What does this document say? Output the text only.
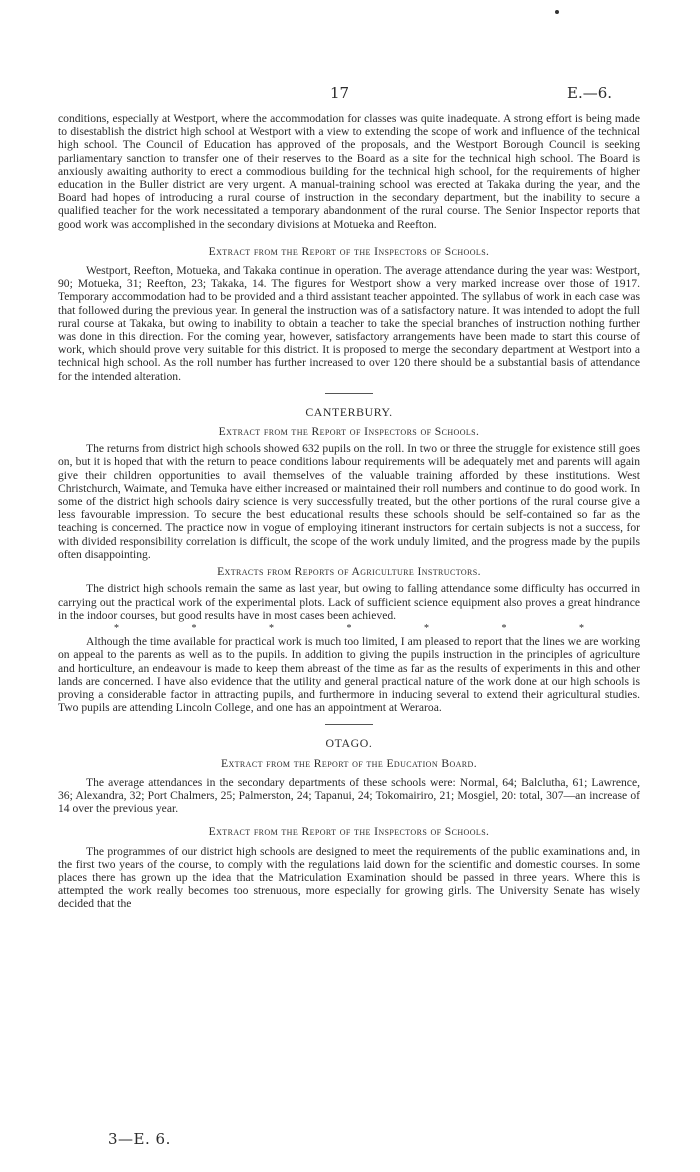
17	E.—6.

conditions, especially at Westport, where the accommodation for classes was quite inadequate. A strong effort is being made to disestablish the district high school at Westport with a view to extending the scope of work and influence of the technical high school. The Council of Education has approved of the proposals, and the Westport Borough Council is seeking parliamentary sanction to transfer one of their reserves to the Board as a site for the technical high school. The Board is anxiously awaiting authority to erect a commodious building for the technical high school, for the requirements of higher education in the Buller district are very urgent. A manual-training school was erected at Takaka during the year, and the Board had hopes of introducing a rural course of instruction in the secondary department, but the inability to secure a qualified teacher for the work necessitated a temporary abandonment of the rural course. The Senior Inspector reports that good work was accomplished in the secondary divisions at Motueka and Reefton.

Extract from the Report of the Inspectors of Schools.

Westport, Reefton, Motueka, and Takaka continue in operation. The average attendance during the year was: Westport, 90; Motueka, 31; Reefton, 23; Takaka, 14. The figures for Westport show a very marked increase over those of 1917. Temporary accommodation had to be provided and a third assistant teacher appointed. The syllabus of work in each case was that followed during the previous year. In general the instruction was of a satisfactory nature. It was intended to adopt the full rural course at Takaka, but owing to inability to obtain a teacher to take the special branches of instruction nothing further was done in this direction. For the coming year, however, satisfactory arrangements have been made to start this course of work, which should prove very suitable for this district. It is proposed to merge the secondary department at Westport into a technical high school. As the roll number has further increased to over 120 there should be a substantial basis of attendance for the intended alteration.

CANTERBURY.

Extract from the Report of Inspectors of Schools.

The returns from district high schools showed 632 pupils on the roll. In two or three the struggle for existence still goes on, but it is hoped that with the return to peace conditions labour requirements will be adequately met and parents will again give their children opportunities to avail themselves of the valuable training afforded by these institutions. West Christchurch, Waimate, and Temuka have either increased or maintained their roll numbers and continue to do good work. In some of the district high schools dairy science is very successfully treated, but the other portions of the rural course give a less favourable impression. To secure the best educational results these schools should be self-contained so far as the teaching is concerned. The practice now in vogue of employing itinerant instructors for certain subjects is not a success, for with divided responsibility correlation is difficult, the scope of the work unduly limited, and the progress made by the pupils often disappointing.

Extracts from Reports of Agriculture Instructors.

The district high schools remain the same as last year, but owing to falling attendance some difficulty has occurred in carrying out the practical work of the experimental plots. Lack of sufficient science equipment also proves a great hindrance in the indoor courses, but good results have in most cases been achieved.

*	*	*	*	*	*	*

Although the time available for practical work is much too limited, I am pleased to report that the lines we are working on appeal to the parents as well as to the pupils. In addition to giving the pupils instruction in the principles of agriculture and horticulture, an endeavour is made to keep them abreast of the time as far as the results of experiments in this and other lands are concerned. I have also evidence that the utility and general practical nature of the work done at our high schools is proving a considerable factor in attracting pupils, and furthermore in inducing several to extend their agricultural studies. Two pupils are attending Lincoln College, and one has an appointment at Weraroa.

OTAGO.

Extract from the Report of the Education Board.

The average attendances in the secondary departments of these schools were: Normal, 64; Balclutha, 61; Lawrence, 36; Alexandra, 32; Port Chalmers, 25; Palmerston, 24; Tapanui, 24; Tokomairiro, 21; Mosgiel, 20: total, 307—an increase of 14 over the previous year.

Extract from the Report of the Inspectors of Schools.

The programmes of our district high schools are designed to meet the requirements of the public examinations and, in the first two years of the course, to comply with the regulations laid down for the scientific and domestic courses. In some places there has grown up the idea that the Matriculation Examination should be passed in three years. Where this is attempted the work really becomes too strenuous, more especially for growing girls. The University Senate has wisely decided that the

3—E. 6.
